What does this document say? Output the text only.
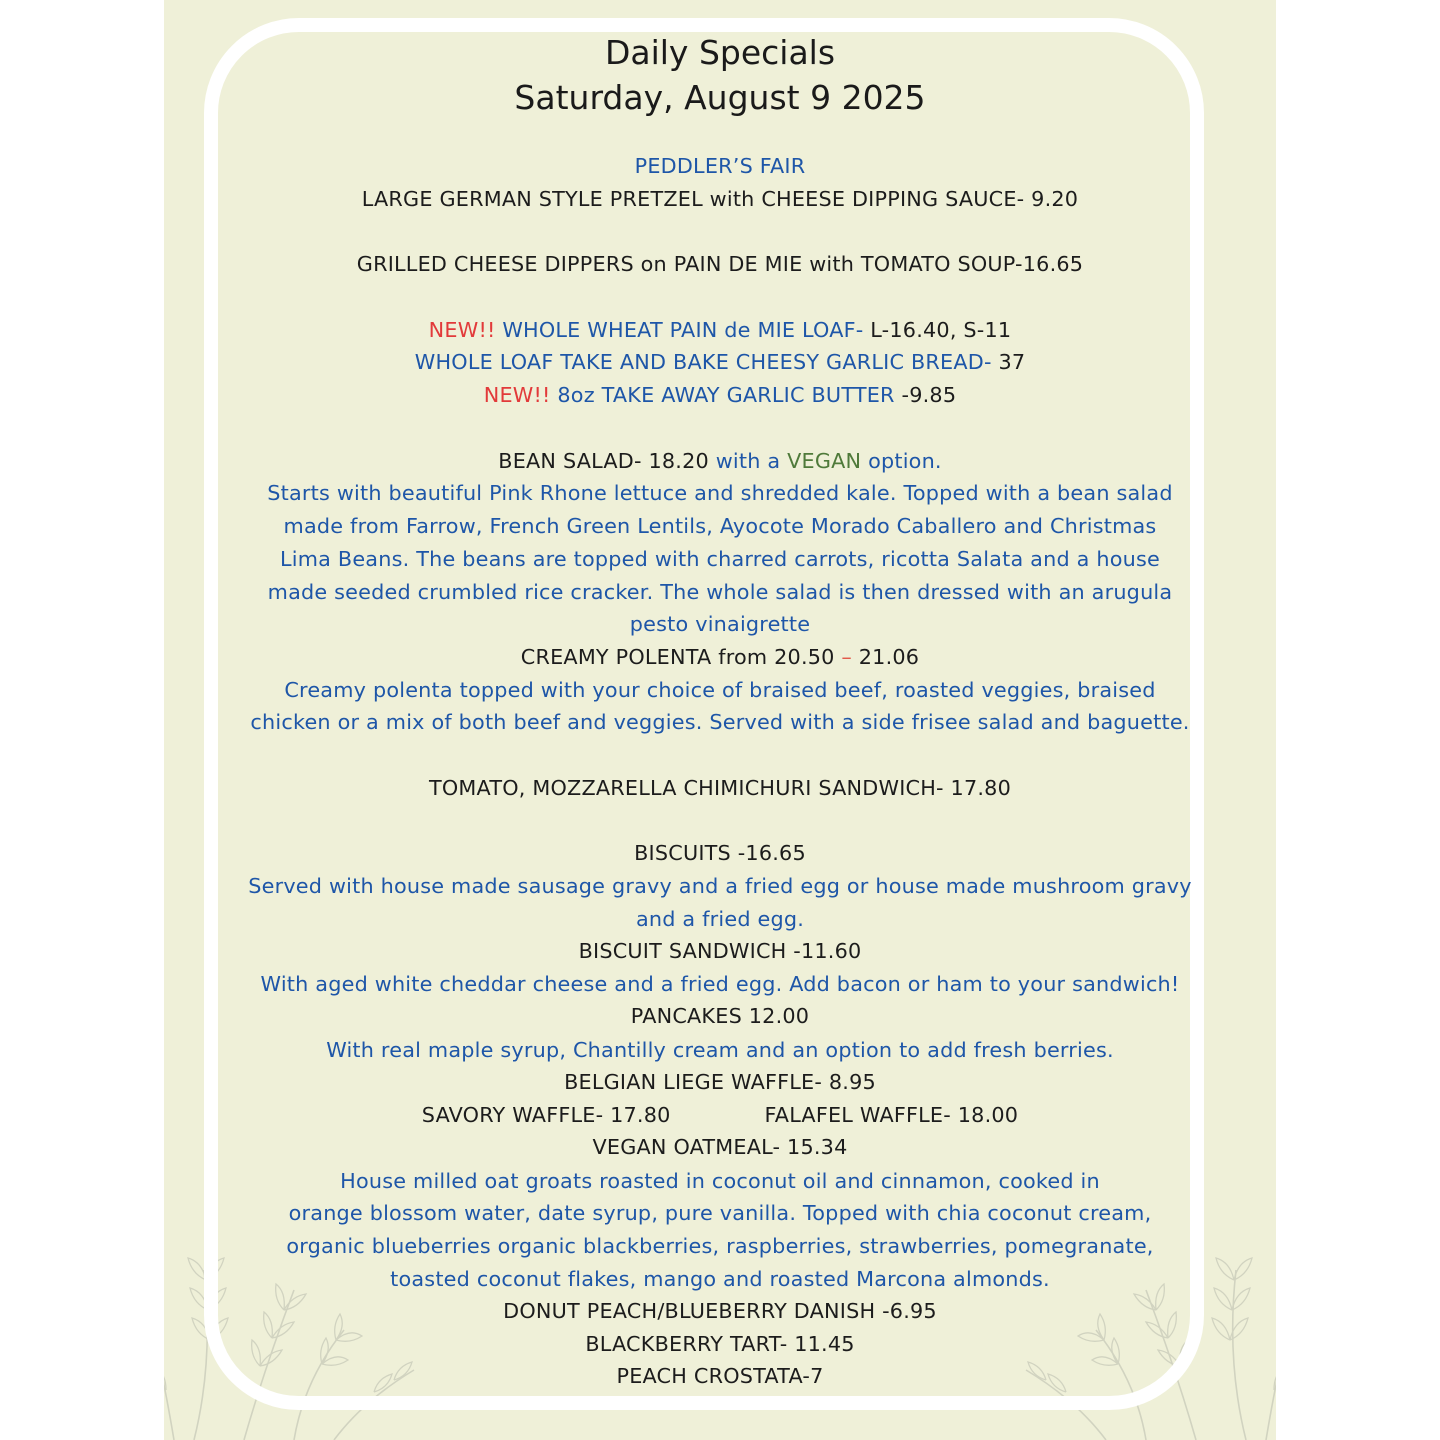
Daily Specials
Saturday, August 9 2025
PEDDLER’S FAIR
LARGE GERMAN STYLE PRETZEL with CHEESE DIPPING SAUCE- 9.20
GRILLED CHEESE DIPPERS on PAIN DE MIE with TOMATO SOUP-16.65
NEW!! WHOLE WHEAT PAIN de MIE LOAF- L-16.40, S-11
WHOLE LOAF TAKE AND BAKE CHEESY GARLIC BREAD- 37
NEW!! 8oz TAKE AWAY GARLIC BUTTER -9.85
BEAN SALAD- 18.20 with a VEGAN option.
Starts with beautiful Pink Rhone lettuce and shredded kale. Topped with a bean salad
made from Farrow, French Green Lentils, Ayocote Morado Caballero and Christmas
Lima Beans. The beans are topped with charred carrots, ricotta Salata and a house
made seeded crumbled rice cracker. The whole salad is then dressed with an arugula
pesto vinaigrette
CREAMY POLENTA from 20.50 – 21.06
Creamy polenta topped with your choice of braised beef, roasted veggies, braised
chicken or a mix of both beef and veggies. Served with a side frisee salad and baguette.
TOMATO, MOZZARELLA CHIMICHURI SANDWICH- 17.80
BISCUITS -16.65
Served with house made sausage gravy and a fried egg or house made mushroom gravy
and a fried egg.
BISCUIT SANDWICH -11.60
With aged white cheddar cheese and a fried egg. Add bacon or ham to your sandwich!
PANCAKES 12.00
With real maple syrup, Chantilly cream and an option to add fresh berries.
BELGIAN LIEGE WAFFLE- 8.95
SAVORY WAFFLE- 17.80	FALAFEL WAFFLE- 18.00
VEGAN OATMEAL- 15.34
House milled oat groats roasted in coconut oil and cinnamon, cooked in
orange blossom water, date syrup, pure vanilla. Topped with chia coconut cream,
organic blueberries organic blackberries, raspberries, strawberries, pomegranate,
toasted coconut flakes, mango and roasted Marcona almonds.
DONUT PEACH/BLUEBERRY DANISH -6.95
BLACKBERRY TART- 11.45
PEACH CROSTATA-7
